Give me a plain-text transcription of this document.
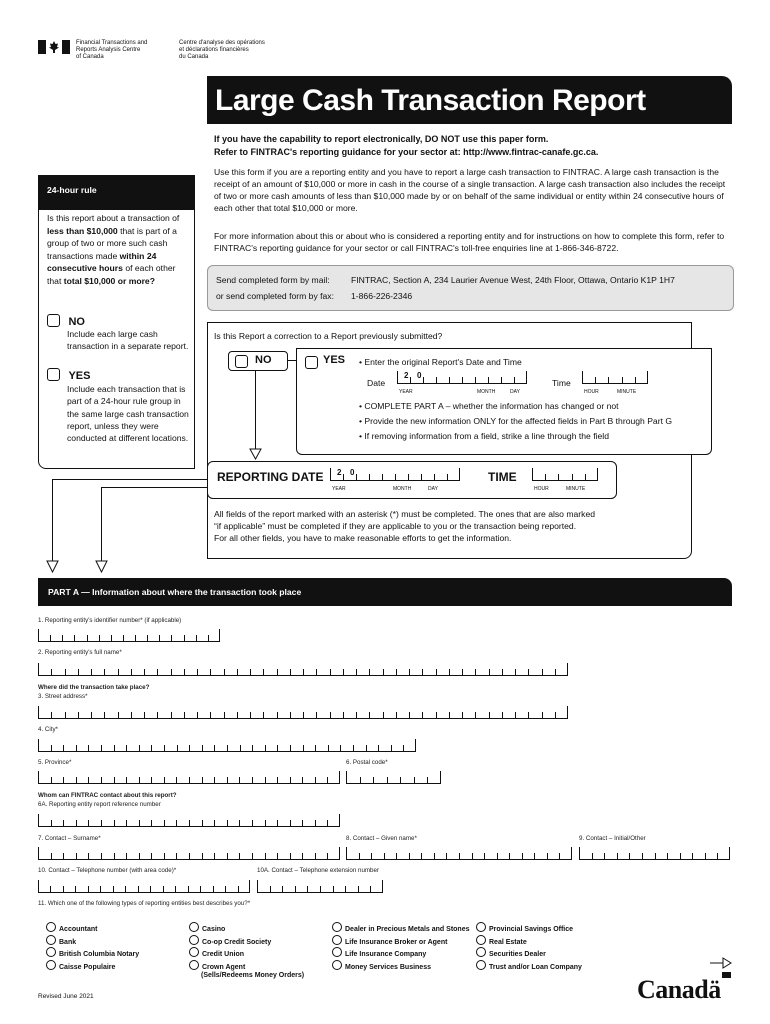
Financial Transactions and
Reports Analysis Centre
of Canada
Centre d'analyse des opérations
et déclarations financières
du Canada
Large Cash Transaction Report
If you have the capability to report electronically, DO NOT use this paper form.
Refer to FINTRAC's reporting guidance for your sector at: http://www.fintrac-canafe.gc.ca.
Use this form if you are a reporting entity and you have to report a large cash transaction to FINTRAC. A large cash transaction is the receipt of an amount of $10,000 or more in cash in the course of a single transaction. A large cash transaction also includes the receipt of two or more cash amounts of less than $10,000 made by or on behalf of the same individual or entity within 24 consecutive hours of each other that total $10,000 or more.
For more information about this or about who is considered a reporting entity and for instructions on how to complete this form, refer to FINTRAC's reporting guidance for your sector or call FINTRAC's toll-free enquiries line at 1-866-346-8722.
Send completed form by mail: FINTRAC, Section A, 234 Laurier Avenue West, 24th Floor, Ottawa, Ontario K1P 1H7
or send completed form by fax: 1-866-226-2346
24-hour rule
Is this report about a transaction of less than $10,000 that is part of a group of two or more such cash transactions made within 24 consecutive hours of each other that total $10,000 or more?
NO
Include each large cash transaction in a separate report.
YES
Include each transaction that is part of a 24-hour rule group in the same large cash transaction report, unless they were conducted at different locations.
Is this Report a correction to a Report previously submitted?
NO	YES • Enter the original Report's Date and Time
Date
2 0
YEAR	MONTH	DAY
Time
HOUR	MINUTE
• COMPLETE PART A – whether the information has changed or not
• Provide the new information ONLY for the affected fields in Part B through Part G
• If removing information from a field, strike a line through the field
REPORTING DATE 2 0
YEAR	MONTH	DAY
TIME
HOUR	MINUTE
All fields of the report marked with an asterisk (*) must be completed. The ones that are also marked
“if applicable” must be completed if they are applicable to you or the transaction being reported.
For all other fields, you have to make reasonable efforts to get the information.
PART A — Information about where the transaction took place
1. Reporting entity's identifier number* (if applicable)
2. Reporting entity's full name*
Where did the transaction take place?
3. Street address*
4. City*
5. Province*	6. Postal code*
Whom can FINTRAC contact about this report?
6A. Reporting entity report reference number
7. Contact – Surname*	8. Contact – Given name*	9. Contact – Initial/Other
10. Contact – Telephone number (with area code)*	10A. Contact – Telephone extension number
11. Which one of the following types of reporting entities best describes you?*
Accountant
Bank
British Columbia Notary
Caisse Populaire
Casino
Co-op Credit Society
Credit Union
Crown Agent
(Sells/Redeems Money Orders)
Dealer in Precious Metals and Stones
Life Insurance Broker or Agent
Life Insurance Company
Money Services Business
Provincial Savings Office
Real Estate
Securities Dealer
Trust and/or Loan Company
Revised June 2021	Canadä
